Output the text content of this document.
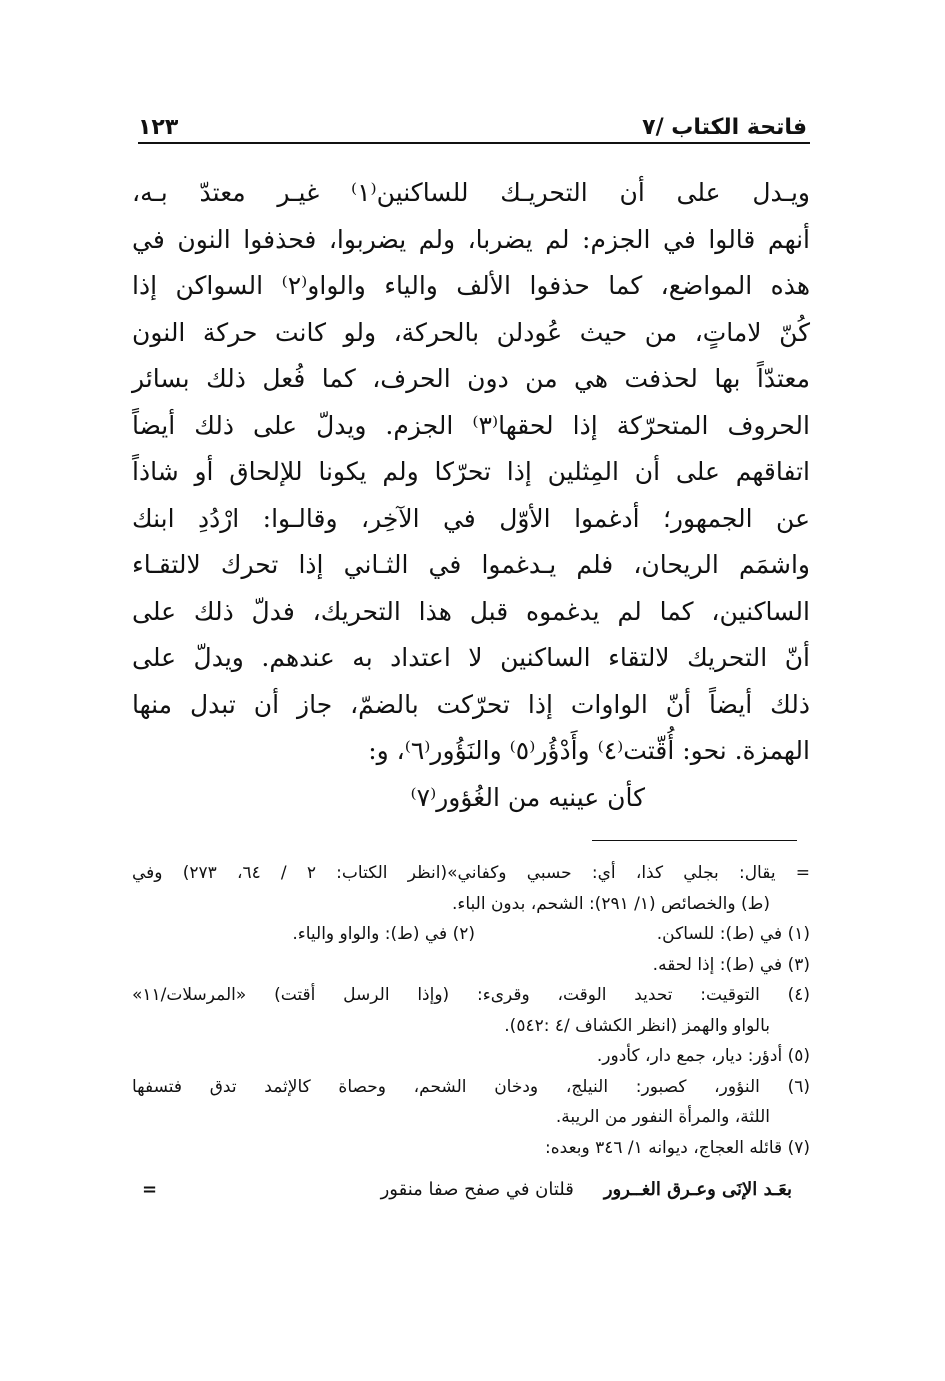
فاتحة الكتاب /٧
١٢٣
ويـدل على أن التحريـك للساكنين⁽١⁾ غيـر معتدّ بـه،
أنهم قالوا في الجزم: لم يضربا، ولم يضربوا، فحذفوا النون في
هذه المواضع، كما حذفوا الألف والياء والواو⁽٢⁾ السواكن إذا
كُنّ لاماتٍ، من حيث عُودلن بالحركة، ولو كانت حركة النون
معتدّاً بها لحذفت هي من دون الحرف، كما فُعل ذلك بسائر
الحروف المتحرّكة إذا لحقها⁽٣⁾ الجزم. ويدلّ على ذلك أيضاً
اتفاقهم على أن المِثلين إذا تحرّكا ولم يكونا للإلحاق أو شاذاً
عن الجمهور؛ أدغموا الأوّل في الآخِر، وقالـوا: ارْدُدِ ابنك
واشمَم الريحان، فلم يـدغموا في الثـاني إذا تحرك لالتقـاء
الساكنين، كما لم يدغموه قبل هذا التحريك، فدلّ ذلك على
أنّ التحريك لالتقاء الساكنين لا اعتداد به عندهم. ويدلّ على
ذلك أيضاً أنّ الواوات إذا تحرّكت بالضمّ، جاز أن تبدل منها
الهمزة. نحو: أُقّتت⁽٤⁾ وأَدْؤُر⁽٥⁾ والنَؤُور⁽٦⁾، و:
كأن عينيه من الغُؤور⁽٧⁾
= يقال: بجلي كذا، أي: حسبي وكفاني»(انظر الكتاب: ٢ / ٦٤، ٢٧٣) وفي
(ط) والخصائص (١/ ٢٩١): الشحم، بدون الباء.
(١) في (ط): للساكن.
(٢) في (ط): والواو والياء.
(٣) في (ط): إذا لحقه.
(٤) التوقيت: تحديد الوقت، وقرىء: (وإذا الرسل أقتت) «المرسلات/١١»
بالواو والهمز (انظر الكشاف /٤ :٥٤٢).
(٥) أدؤر: ديار، جمع دار، كأدور.
(٦) النؤور، كصبور: النيلج، ودخان الشحم، وحصاة كالإثمد تدق فتسفها
اللثة، والمرأة النفور من الريبة.
(٧) قائله العجاج، ديوانه ١/ ٣٤٦ وبعده:
بعَـد الإنَى وعـرق الغــرور
قلتان في صفح صفا منقور
=
